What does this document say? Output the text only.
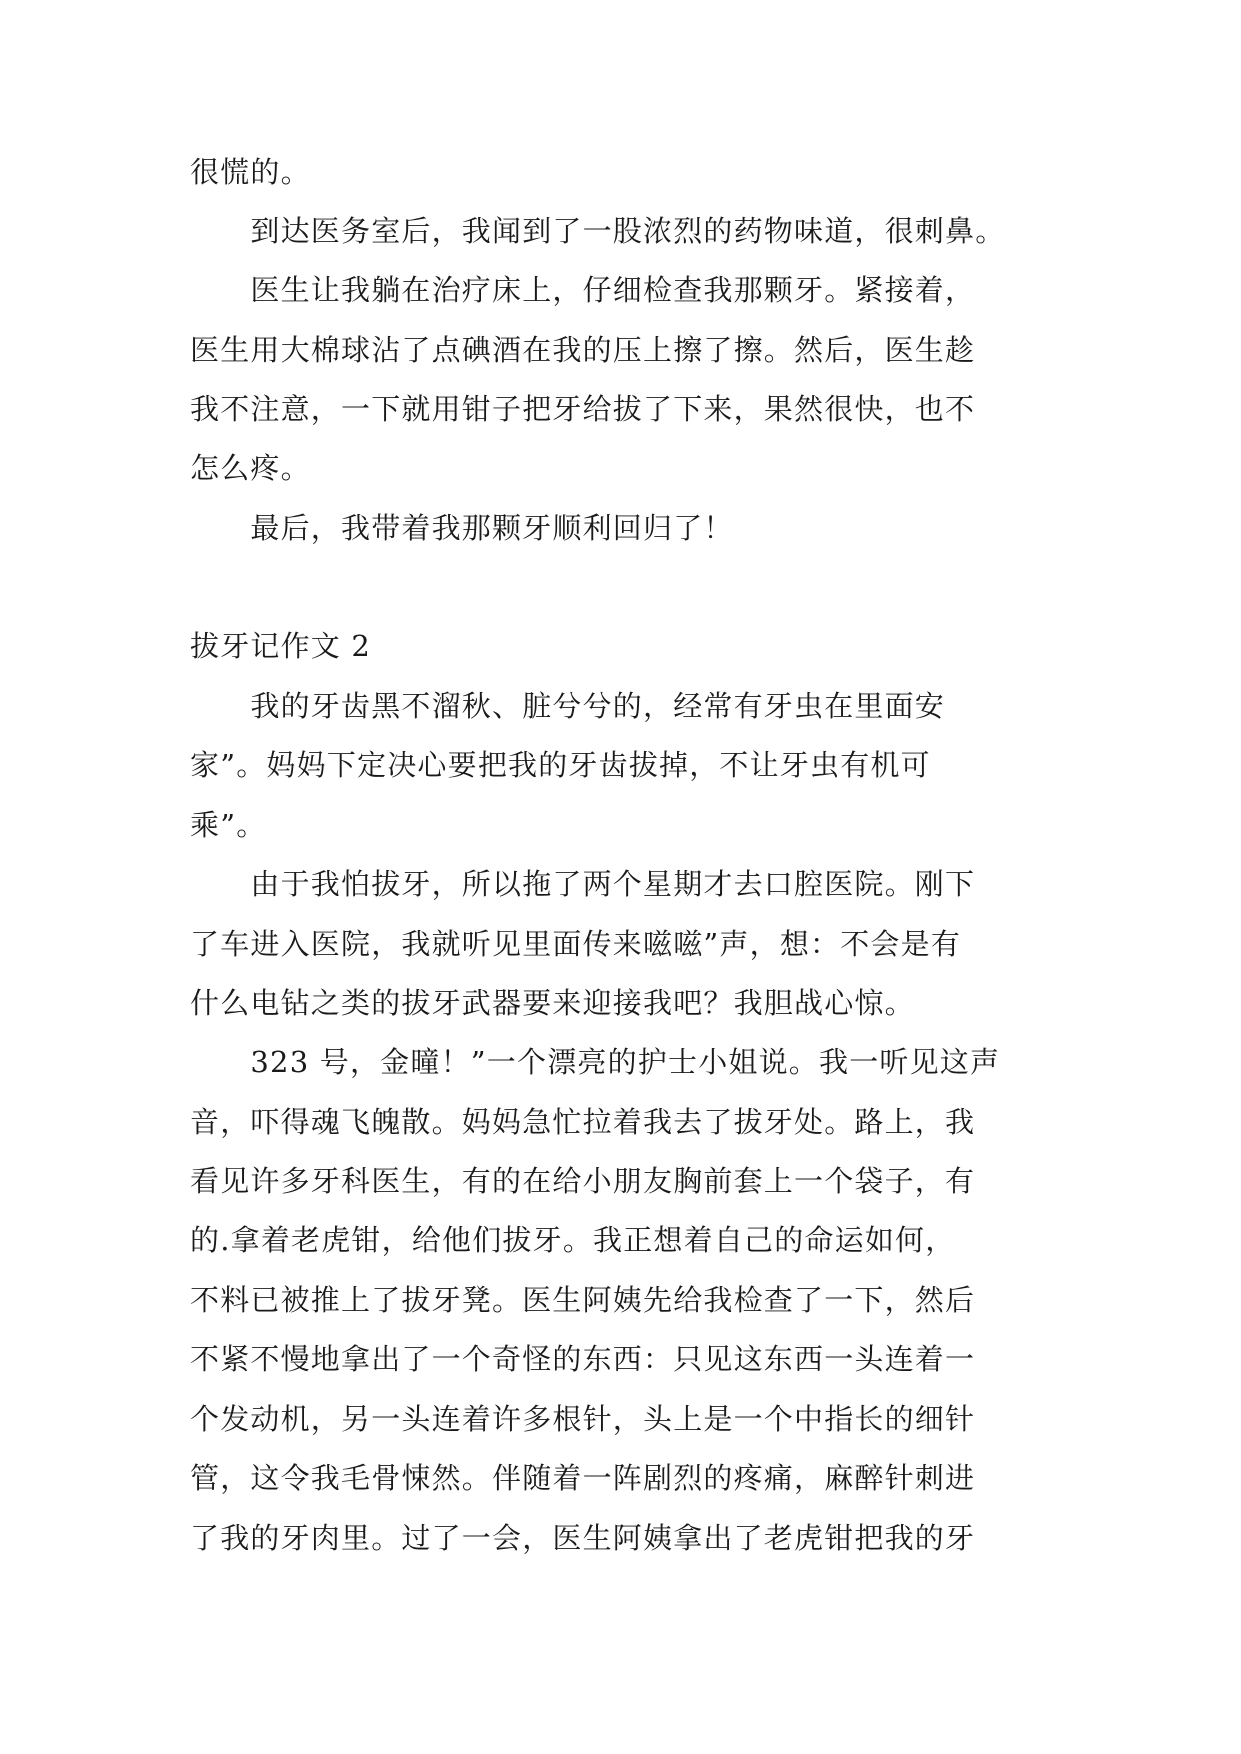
很慌的。
　　到达医务室后，我闻到了一股浓烈的药物味道，很刺鼻。
　　医生让我躺在治疗床上，仔细检查我那颗牙。紧接着，
医生用大棉球沾了点碘酒在我的压上擦了擦。然后，医生趁
我不注意，一下就用钳子把牙给拔了下来，果然很快，也不
怎么疼。
　　最后，我带着我那颗牙顺利回归了！
拔牙记作文 2
　　我的牙齿黑不溜秋、脏兮兮的，经常有牙虫在里面安
家”。妈妈下定决心要把我的牙齿拔掉，不让牙虫有机可
乘”。
　　由于我怕拔牙，所以拖了两个星期才去口腔医院。刚下
了车进入医院，我就听见里面传来嗞嗞”声，想：不会是有
什么电钻之类的拔牙武器要来迎接我吧？我胆战心惊。
　　323 号，金曈！”一个漂亮的护士小姐说。我一听见这声
音，吓得魂飞魄散。妈妈急忙拉着我去了拔牙处。路上，我
看见许多牙科医生，有的在给小朋友胸前套上一个袋子，有
的.拿着老虎钳，给他们拔牙。我正想着自己的命运如何，
不料已被推上了拔牙凳。医生阿姨先给我检查了一下，然后
不紧不慢地拿出了一个奇怪的东西：只见这东西一头连着一
个发动机，另一头连着许多根针，头上是一个中指长的细针
管，这令我毛骨悚然。伴随着一阵剧烈的疼痛，麻醉针刺进
了我的牙肉里。过了一会，医生阿姨拿出了老虎钳把我的牙
